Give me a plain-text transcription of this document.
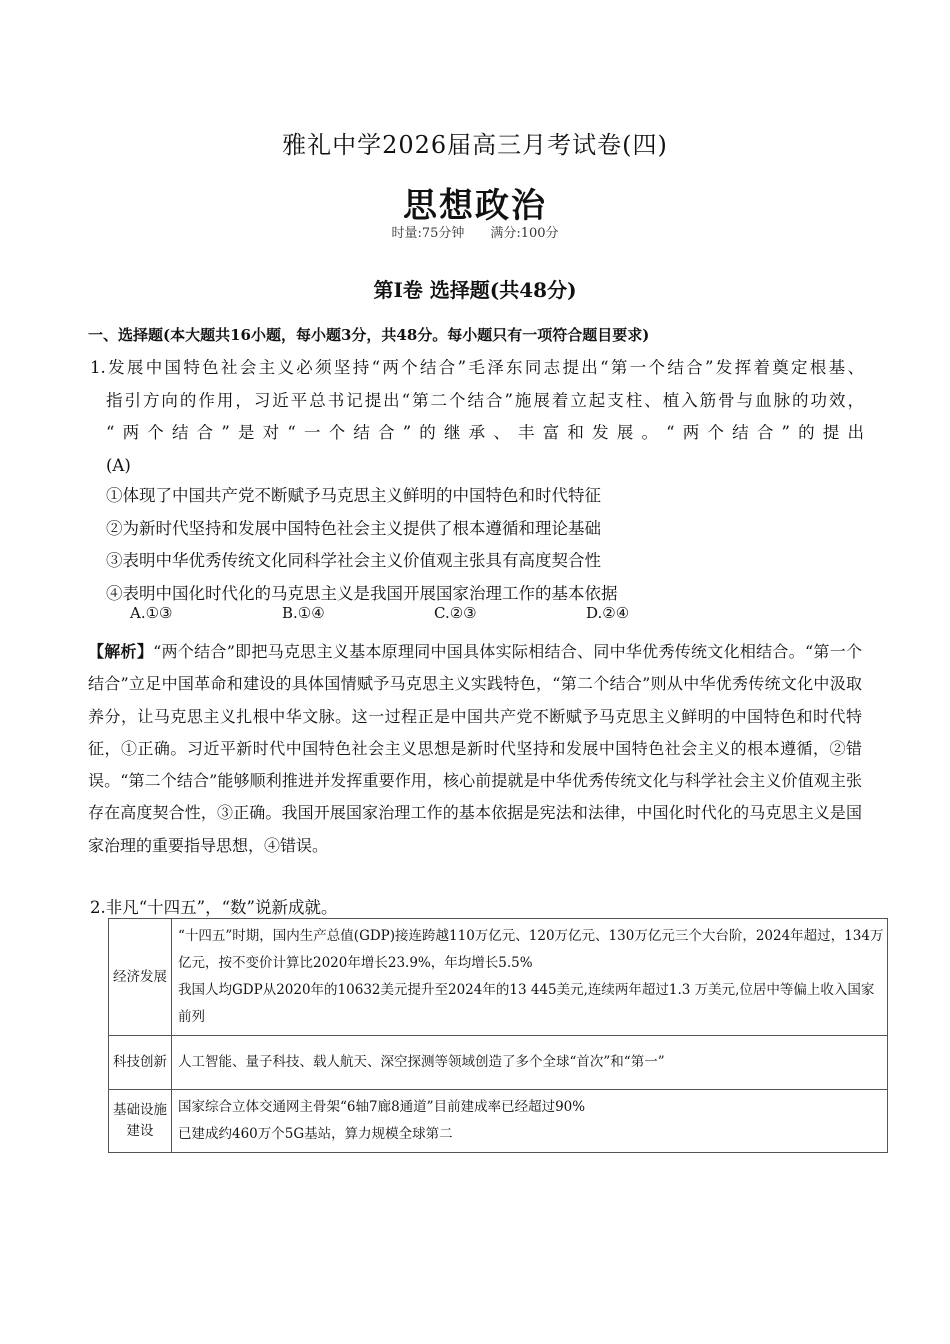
雅礼中学2026届高三月考试卷(四)
思想政治
时量:75分钟　　满分:100分
第Ⅰ卷 选择题(共48分)
一、选择题(本大题共16小题，每小题3分，共48分。每小题只有一项符合题目要求)
1.发展中国特色社会主义必须坚持“两个结合”毛泽东同志提出“第一个结合”发挥着奠定根基、
指引方向的作用，习近平总书记提出“第二个结合”施展着立起支柱、植入筋骨与血脉的功效，
“两个结合”是对“一个结合”的继承、丰富和发展。“两个结合”的提出
(A)
①体现了中国共产党不断赋予马克思主义鲜明的中国特色和时代特征
②为新时代坚持和发展中国特色社会主义提供了根本遵循和理论基础
③表明中华优秀传统文化同科学社会主义价值观主张具有高度契合性
④表明中国化时代化的马克思主义是我国开展国家治理工作的基本依据
A.①③	B.①④	C.②③	D.②④
【解析】“两个结合”即把马克思主义基本原理同中国具体实际相结合、同中华优秀传统文化相结合。“第一个结合”立足中国革命和建设的具体国情赋予马克思主义实践特色，“第二个结合”则从中华优秀传统文化中汲取养分，让马克思主义扎根中华文脉。这一过程正是中国共产党不断赋予马克思主义鲜明的中国特色和时代特征，①正确。习近平新时代中国特色社会主义思想是新时代坚持和发展中国特色社会主义的根本遵循，②错误。“第二个结合”能够顺利推进并发挥重要作用，核心前提就是中华优秀传统文化与科学社会主义价值观主张存在高度契合性，③正确。我国开展国家治理工作的基本依据是宪法和法律，中国化时代化的马克思主义是国家治理的重要指导思想，④错误。
2.非凡“十四五”，“数”说新成就。
经济发展	“十四五”时期，国内生产总值(GDP)接连跨越110万亿元、120万亿元、130万亿元三个大台阶，2024年超过，134万亿元，按不变价计算比2020年增长23.9%，年均增长5.5%
我国人均GDP从2020年的10632美元提升至2024年的13 445美元,连续两年超过1.3 万美元,位居中等偏上收入国家前列

科技创新	人工智能、量子科技、载人航天、深空探测等领域创造了多个全球“首次”和“第一”

基础设施建设	国家综合立体交通网主骨架“6轴7廊8通道”目前建成率已经超过90%
已建成约460万个5G基站，算力规模全球第二
